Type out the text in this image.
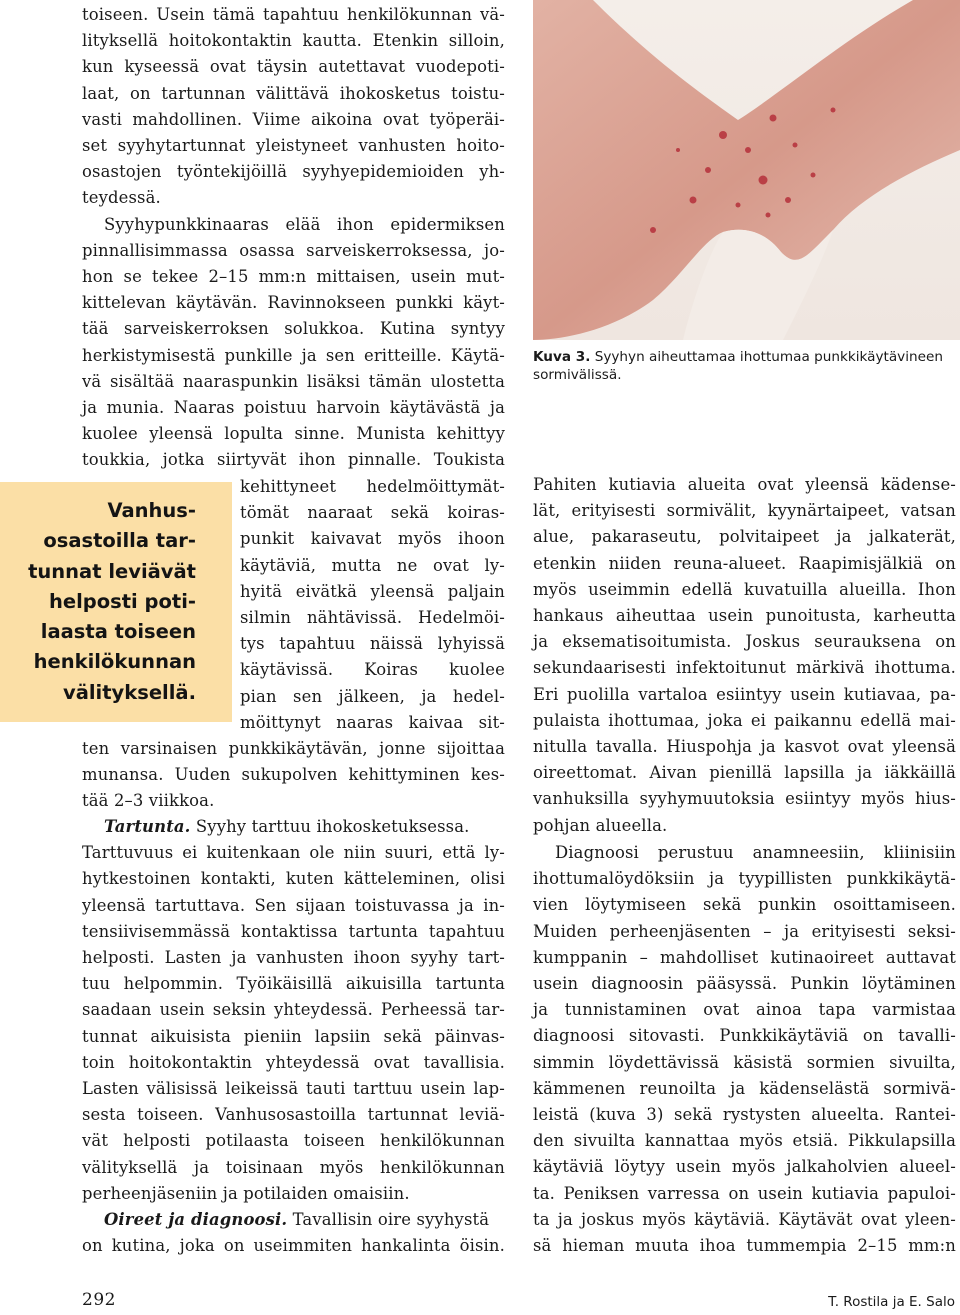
toiseen. Usein tämä tapahtuu henkilökunnan vä-
lityksellä hoitokontaktin kautta. Etenkin silloin,
kun kyseessä ovat täysin autettavat vuodepoti-
laat, on tartunnan välittävä ihokosketus toistu-
vasti mahdollinen. Viime aikoina ovat työperäi-
set syyhytartunnat yleistyneet vanhusten hoito-
osastojen työntekijöillä syyhyepidemioiden yh-
teydessä.
Syyhypunkkinaaras elää ihon epidermiksen
pinnallisimmassa osassa sarveiskerroksessa, jo-
hon se tekee 2–15 mm:n mittaisen, usein mut-
kittelevan käytävän. Ravinnokseen punkki käyt-
tää sarveiskerroksen solukkoa. Kutina syntyy
herkistymisestä punkille ja sen eritteille. Käytä-
vä sisältää naaraspunkin lisäksi tämän ulostetta
ja munia. Naaras poistuu harvoin käytävästä ja
kuolee yleensä lopulta sinne. Munista kehittyy
toukkia, jotka siirtyvät ihon pinnalle. Toukista
kehittyneet hedelmöittymät-
tömät naaraat sekä koiras-
punkit kaivavat myös ihoon
käytäviä, mutta ne ovat ly-
hyitä eivätkä yleensä paljain
silmin nähtävissä. Hedelmöi-
tys tapahtuu näissä lyhyissä
käytävissä. Koiras kuolee
pian sen jälkeen, ja hedel-
möittynyt naaras kaivaa sit-
ten varsinaisen punkkikäytävän, jonne sijoittaa
munansa. Uuden sukupolven kehittyminen kes-
tää 2–3 viikkoa.
Tartunta. Syyhy tarttuu ihokosketuksessa.
Tarttuvuus ei kuitenkaan ole niin suuri, että ly-
hytkestoinen kontakti, kuten kätteleminen, olisi
yleensä tartuttava. Sen sijaan toistuvassa ja in-
tensiivisemmässä kontaktissa tartunta tapahtuu
helposti. Lasten ja vanhusten ihoon syyhy tart-
tuu helpommin. Työikäisillä aikuisilla tartunta
saadaan usein seksin yhteydessä. Perheessä tar-
tunnat aikuisista pieniin lapsiin sekä päinvas-
toin hoitokontaktin yhteydessä ovat tavallisia.
Lasten välisissä leikeissä tauti tarttuu usein lap-
sesta toiseen. Vanhusosastoilla tartunnat leviä-
vät helposti potilaasta toiseen henkilökunnan
välityksellä ja toisinaan myös henkilökunnan
perheenjäseniin ja potilaiden omaisiin.
Oireet ja diagnoosi. Tavallisin oire syyhystä
on kutina, joka on useimmiten hankalinta öisin.
Kuva 3. Syyhyn aiheuttamaa ihottumaa punkkikäytävineen sormivälissä.
Pahiten kutiavia alueita ovat yleensä kädense-
lät, erityisesti sormivälit, kyynärtaipeet, vatsan
alue, pakaraseutu, polvitaipeet ja jalkaterät,
etenkin niiden reuna-alueet. Raapimisjälkiä on
myös useimmin edellä kuvatuilla alueilla. Ihon
hankaus aiheuttaa usein punoitusta, karheutta
ja eksematisoitumista. Joskus seurauksena on
sekundaarisesti infektoitunut märkivä ihottuma.
Eri puolilla vartaloa esiintyy usein kutiavaa, pa-
pulaista ihottumaa, joka ei paikannu edellä mai-
nitulla tavalla. Hiuspohja ja kasvot ovat yleensä
oireettomat. Aivan pienillä lapsilla ja iäkkäillä
vanhuksilla syyhymuutoksia esiintyy myös hius-
pohjan alueella.
Diagnoosi perustuu anamneesiin, kliinisiin
ihottumalöydöksiin ja tyypillisten punkkikäytä-
vien löytymiseen sekä punkin osoittamiseen.
Muiden perheenjäsenten – ja erityisesti seksi-
kumppanin – mahdolliset kutinaoireet auttavat
usein diagnoosin pääsyssä. Punkin löytäminen
ja tunnistaminen ovat ainoa tapa varmistaa
diagnoosi sitovasti. Punkkikäytäviä on tavalli-
simmin löydettävissä käsistä sormien sivuilta,
kämmenen reunoilta ja kädenselästä sormivä-
leistä (kuva 3) sekä rystysten alueelta. Rantei-
den sivuilta kannattaa myös etsiä. Pikkulapsilla
käytäviä löytyy usein myös jalkaholvien alueel-
ta. Peniksen varressa on usein kutiavia papuloi-
ta ja joskus myös käytäviä. Käytävät ovat yleen-
sä hieman muuta ihoa tummempia 2–15 mm:n
Vanhus-
osastoilla tar-
tunnat leviävät
helposti poti-
laasta toiseen
henkilökunnan
välityksellä.
292	T. Rostila ja E. Salo
